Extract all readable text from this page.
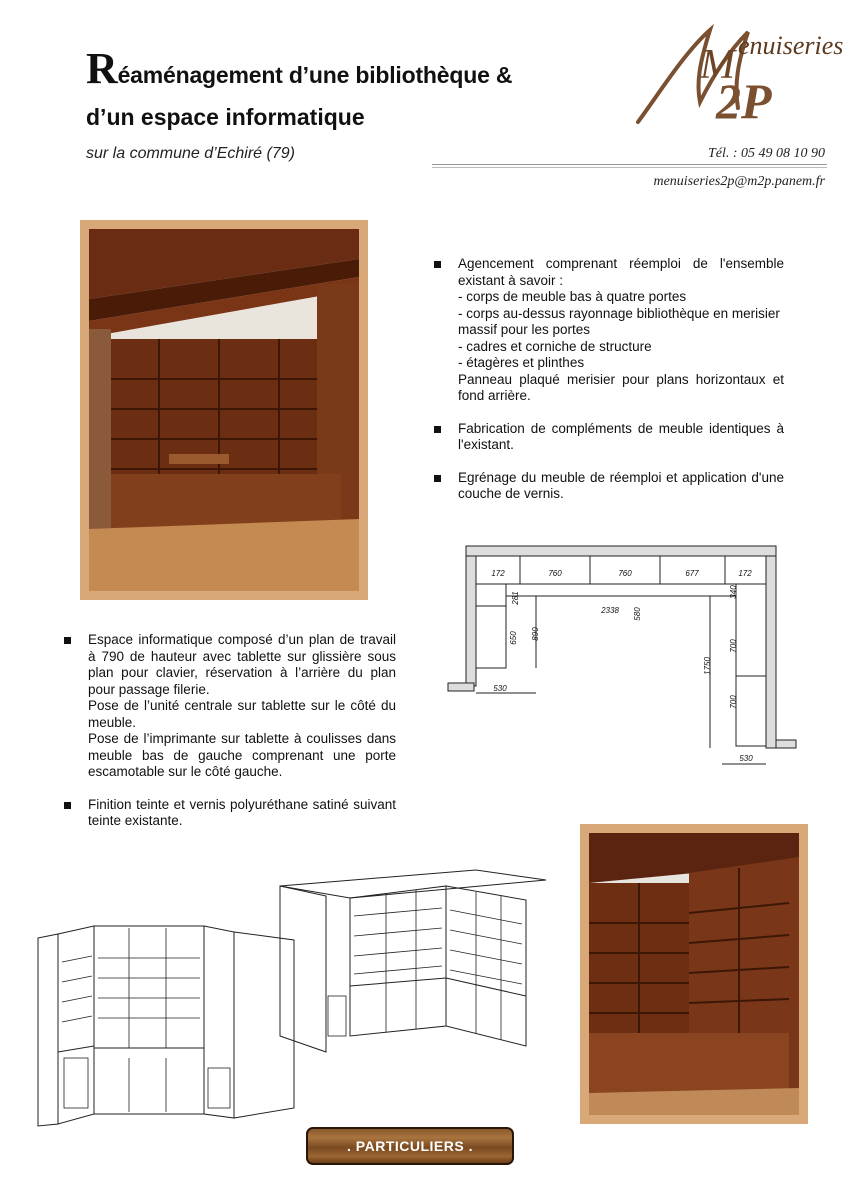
Réaménagement d’une bibliothèque &
d’un espace informatique
sur la commune d’Echiré (79)
M enuiseries
2P
Tél. : 05 49 08 10 90
menuiseries2p@m2p.panem.fr
Agencement comprenant réemploi de l'ensemble existant à savoir :
- corps de meuble bas à quatre portes
- corps au-dessus rayonnage bibliothèque en merisier massif pour les portes
- cadres et corniche de structure
- étagères et plinthes
Panneau plaqué merisier pour plans horizontaux et fond arrière.
Fabrication de compléments de meuble identiques à l'existant.
Egrénage du meuble de réemploi et application d'une couche de vernis.
172	760	760	677	172
281
2338
340
650 890
580
700
1750
700
530
530
Espace informatique composé d’un plan de travail à 790 de hauteur avec tablette sur glissière sous plan pour clavier, réservation à l’arrière du plan pour passage filerie.
Pose de l’unité centrale sur tablette sur le côté du meuble.
Pose de l’imprimante sur tablette à coulisses dans meuble bas de gauche comprenant une porte escamotable sur le côté gauche.
Finition teinte et vernis polyuréthane satiné suivant teinte existante.
. PARTICULIERS .
